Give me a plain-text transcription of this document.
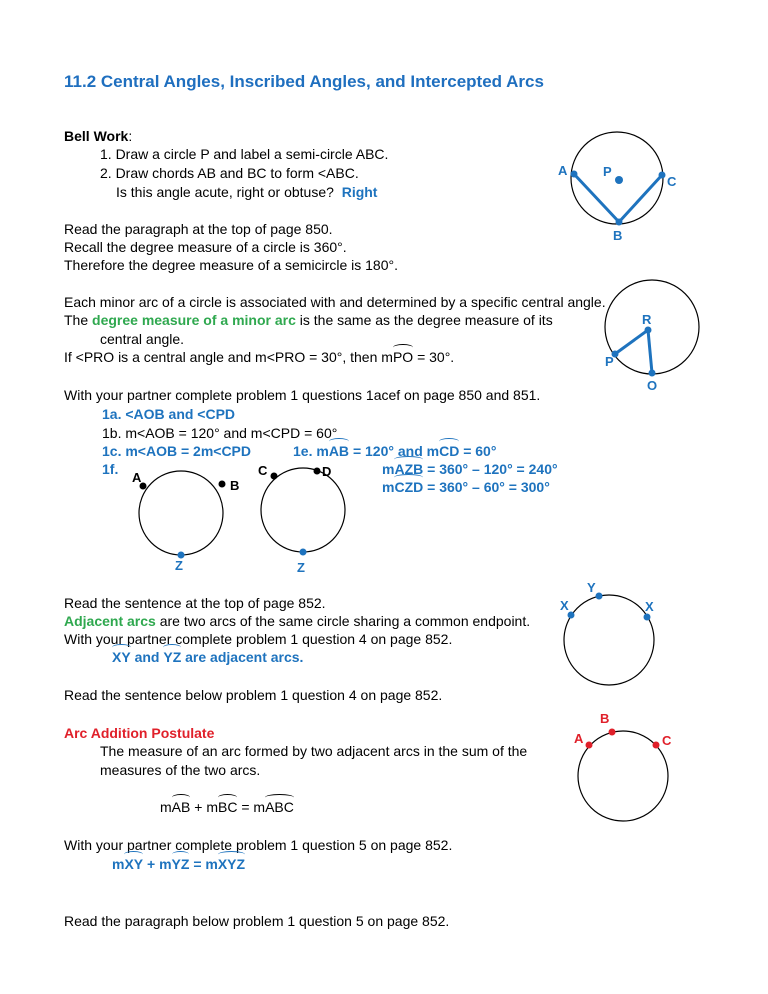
11.2 Central Angles, Inscribed Angles, and Intercepted Arcs
Bell Work:
1. Draw a circle P and label a semi-circle ABC.
2. Draw chords AB and BC to form <ABC.
Is this angle acute, right or obtuse? Right
Read the paragraph at the top of page 850.
Recall the degree measure of a circle is 360°.
Therefore the degree measure of a semicircle is 180°.
Each minor arc of a circle is associated with and determined by a specific central angle.
The degree measure of a minor arc is the same as the degree measure of its
central angle.
If <PRO is a central angle and m<PRO = 30°, then mPO = 30°.
With your partner complete problem 1 questions 1acef on page 850 and 851.
1a. <AOB and <CPD
1b. m<AOB = 120° and m<CPD = 60°
1c. m<AOB = 2m<CPD	1e. mAB = 120° and mCD = 60°
1f.	mAZB = 360° – 120° = 240°
mCZD = 360° – 60° = 300°
Read the sentence at the top of page 852.
Adjacent arcs are two arcs of the same circle sharing a common endpoint.
With your partner complete problem 1 question 4 on page 852.
XY and YZ are adjacent arcs.
Read the sentence below problem 1 question 4 on page 852.
Arc Addition Postulate
The measure of an arc formed by two adjacent arcs in the sum of the
measures of the two arcs.
mAB + mBC = mABC
With your partner complete problem 1 question 5 on page 852.
mXY + mYZ = mXYZ
Read the paragraph below problem 1 question 5 on page 852.
A	P
C
B
R
P
O
A
B
Z
C	D
Z
X
Y
X
A
B
C
